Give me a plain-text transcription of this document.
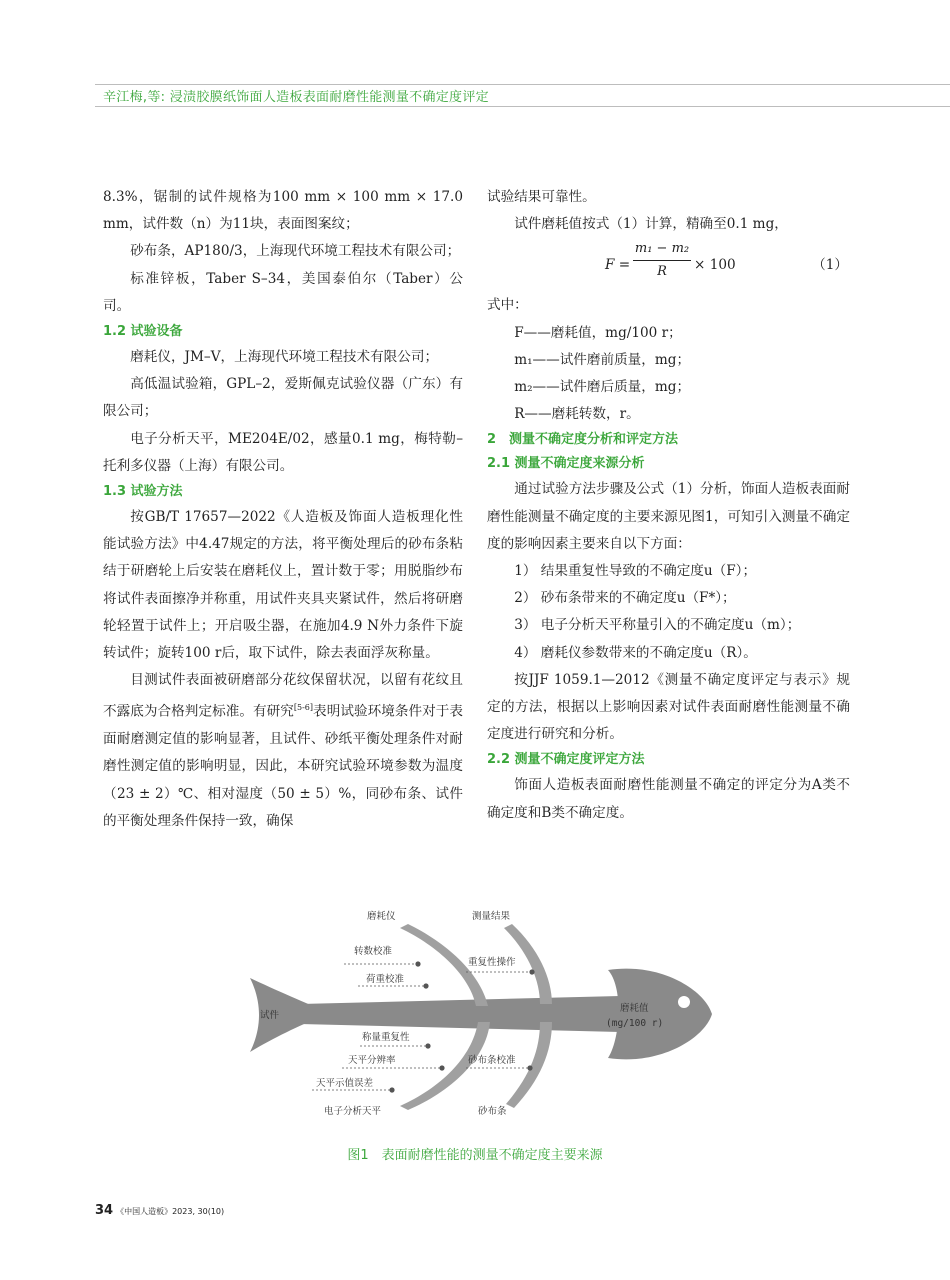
辛江梅,等: 浸渍胶膜纸饰面人造板表面耐磨性能测量不确定度评定

8.3%，锯制的试件规格为100 mm × 100 mm × 17.0 mm，试件数（n）为11块，表面图案纹；

砂布条，AP180/3，上海现代环境工程技术有限公司；

标准锌板，Taber S–34，美国泰伯尔（Taber）公司。

1.2 试验设备

磨耗仪，JM–V，上海现代环境工程技术有限公司；

高低温试验箱，GPL–2，爱斯佩克试验仪器（广东）有限公司；

电子分析天平，ME204E/02，感量0.1 mg，梅特勒–托利多仪器（上海）有限公司。

1.3 试验方法

按GB/T 17657—2022《人造板及饰面人造板理化性能试验方法》中4.47规定的方法，将平衡处理后的砂布条粘结于研磨轮上后安装在磨耗仪上，置计数于零；用脱脂纱布将试件表面擦净并称重，用试件夹具夹紧试件，然后将研磨轮轻置于试件上；开启吸尘器，在施加4.9 N外力条件下旋转试件；旋转100 r后，取下试件，除去表面浮灰称量。

目测试件表面被研磨部分花纹保留状况，以留有花纹且不露底为合格判定标准。有研究[5-6]表明试验环境条件对于表面耐磨测定值的影响显著，且试件、砂纸平衡处理条件对耐磨性测定值的影响明显，因此，本研究试验环境参数为温度（23 ± 2）℃、相对湿度（50 ± 5）%，同砂布条、试件的平衡处理条件保持一致，确保

试验结果可靠性。

试件磨耗值按式（1）计算，精确至0.1 mg，

$F = \frac{\text{m₁ − m₂}}{R} \times 100$	（1）

式中：

F——磨耗值，mg/100 r；

m₁——试件磨前质量，mg；

m₂——试件磨后质量，mg；

R——磨耗转数，r。

2　测量不确定度分析和评定方法

2.1 测量不确定度来源分析

通过试验方法步骤及公式（1）分析，饰面人造板表面耐磨性能测量不确定度的主要来源见图1，可知引入测量不确定度的影响因素主要来自以下方面：

1） 结果重复性导致的不确定度u（F）；

2） 砂布条带来的不确定度u（F*）；

3） 电子分析天平称量引入的不确定度u（m）；

4） 磨耗仪参数带来的不确定度u（R）。

按JJF 1059.1—2012《测量不确定度评定与表示》规定的方法，根据以上影响因素对试件表面耐磨性能测量不确定度进行研究和分析。

2.2 测量不确定度评定方法

饰面人造板表面耐磨性能测量不确定的评定分为A类不确定度和B类不确定度。

磨耗仪	测量结果
转数校准
荷重校准
重复性操作
试件
磨耗值
(mg/100 r)
称量重复性
天平分辨率
天平示值误差
砂布条校准
电子分析天平	砂布条
图1　表面耐磨性能的测量不确定度主要来源
34 《中国人造板》2023, 30(10)
